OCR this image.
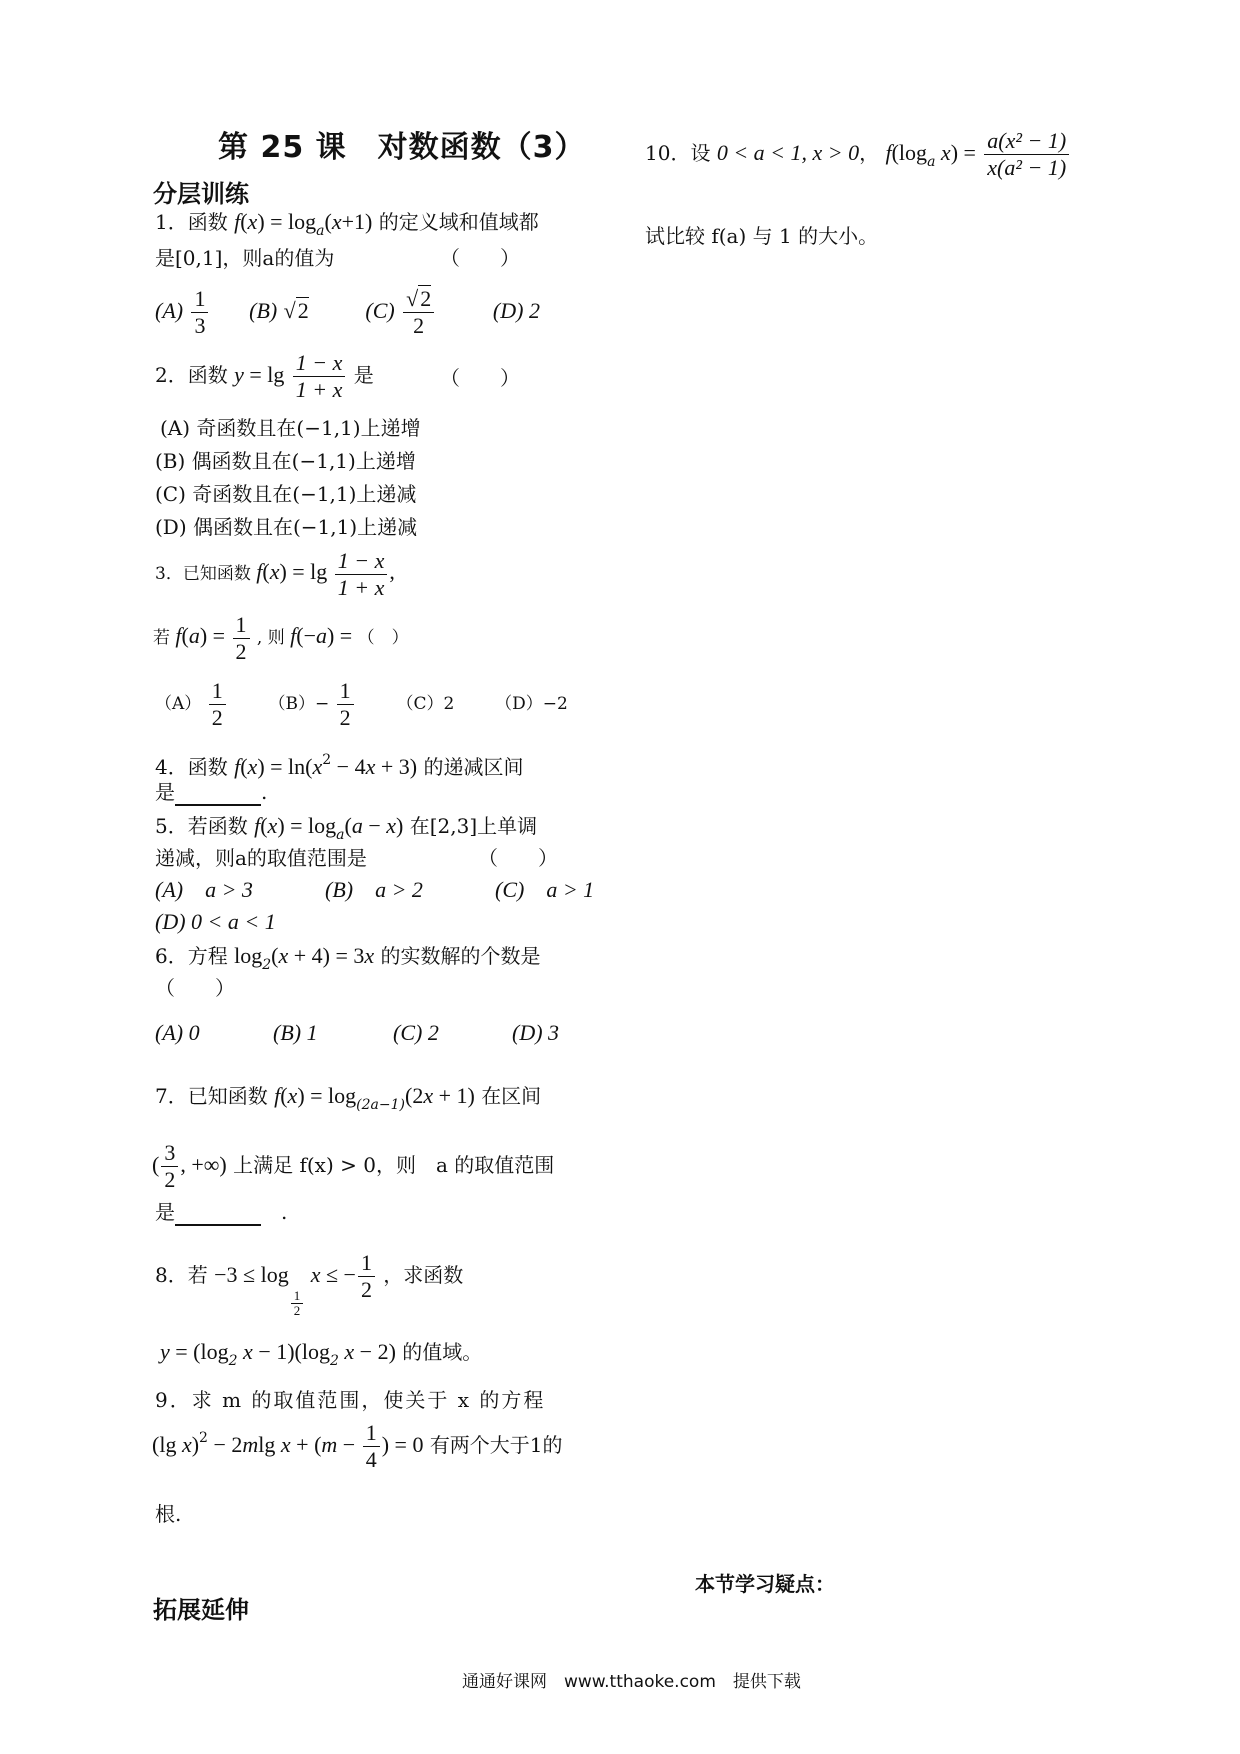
第 25 课　对数函数（3）
分层训练
1．函数 $f(x) = \log_a(x+1)$ 的定义域和值域都
是[0,1]，则a的值为	（　　）
$(A) \frac{1}{3} (B)$ √2	$(C) \frac{√2}{2}$	(D) 2
2．函数 $y = \lg \frac{1 - x}{1 + x}$ 是	（　　）
(A) 奇函数且在(−1,1)上递增
(B) 偶函数且在(−1,1)上递增
(C) 奇函数且在(−1,1)上递减
(D) 偶函数且在(−1,1)上递减
3．已知函数 $f(x) = \lg \frac{1 - x}{1 + x}$ ,
若 $f(a) = \frac{1}{2}$ , 则 f(−a) = （　）
$(A) \frac{1}{2}$	$(B)- \frac{1}{2}$	（C）2 （D）−2
4．函数 $f(x) = \ln(x^2 - 4x + 3)$ 的递减区间
是	.
5．若函数 $f(x) = \log_a(a - x)$ 在[2,3]上单调
递减，则a的取值范围是	（　　）
(A)　a > 3	(B)　a > 2	(C)　a > 1
(D) 0 < a < 1
6．方程 $\log_2(x + 4) = 3x$ 的实数解的个数是
（　　）
(A) 0	(B) 1	(C) 2	(D) 3
7．已知函数 $f(x) = \log_{(2a-1)}(2x + 1)$ 在区间
( $\frac{3}{2}$ , +∞) 上满足 f(x) > 0，则　a 的取值范围
是	　.
8．若 −3 ≤ log
$\frac{1}{2}$
x ≤ − $\frac{1}{2}$ ，求函数
$y = (\log_2$ $x - 1)(\log_2$ x − 2) 的值域。
9．求 m 的取值范围，使关于 x 的方程
(lg x)$^2$ − 2mlg $x + (m - \frac{1}{4}$ ) = 0 有两个大于1的
根.
10．设 0 < a < 1, x > 0， $f(\log_a$ $x) = \frac{\text{a(x² − 1)}}{\text{x(a² − 1)}}$
试比较 f(a) 与 1 的大小。
拓展延伸
本节学习疑点：
通通好课网　www.tthaoke.com　提供下载
